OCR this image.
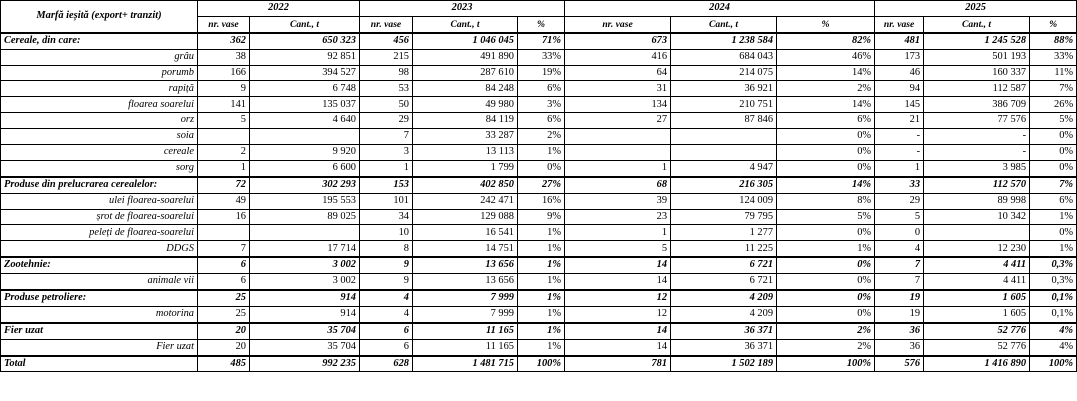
Marfă ieșită (export+ tranzit)	2022		2023			2024			2025		
	nr. vase	Cant., t	nr. vase	Cant., t	%	nr. vase	Cant., t	%	nr. vase	Cant., t	%
Cereale, din care:	362	650 323	456	1 046 045	71%	673	1 238 584	82%	481	1 245 528	88%
grâu	38	92 851	215	491 890	33%	416	684 043	46%	173	501 193	33%
porumb	166	394 527	98	287 610	19%	64	214 075	14%	46	160 337	11%
rapiță	9	6 748	53	84 248	6%	31	36 921	2%	94	112 587	7%
floarea soarelui	141	135 037	50	49 980	3%	134	210 751	14%	145	386 709	26%
orz	5	4 640	29	84 119	6%	27	87 846	6%	21	77 576	5%
soia			7	33 287	2%			0%	-	-	0%
cereale	2	9 920	3	13 113	1%			0%	-	-	0%
sorg	1	6 600	1	1 799	0%	1	4 947	0%	1	3 985	0%
Produse din prelucrarea cerealelor:	72	302 293	153	402 850	27%	68	216 305	14%	33	112 570	7%
ulei floarea-soarelui	49	195 553	101	242 471	16%	39	124 009	8%	29	89 998	6%
șrot de floarea-soarelui	16	89 025	34	129 088	9%	23	79 795	5%	5	10 342	1%
peleți de floarea-soarelui			10	16 541	1%	1	1 277	0%	0		0%
DDGS	7	17 714	8	14 751	1%	5	11 225	1%	4	12 230	1%
Zootehnie:	6	3 002	9	13 656	1%	14	6 721	0%	7	4 411	0,3%
animale vii	6	3 002	9	13 656	1%	14	6 721	0%	7	4 411	0,3%
Produse petroliere:	25	914	4	7 999	1%	12	4 209	0%	19	1 605	0,1%
motorina	25	914	4	7 999	1%	12	4 209	0%	19	1 605	0,1%
Fier uzat	20	35 704	6	11 165	1%	14	36 371	2%	36	52 776	4%
Fier uzat	20	35 704	6	11 165	1%	14	36 371	2%	36	52 776	4%
Total	485	992 235	628	1 481 715	100%	781	1 502 189	100%	576	1 416 890	100%
